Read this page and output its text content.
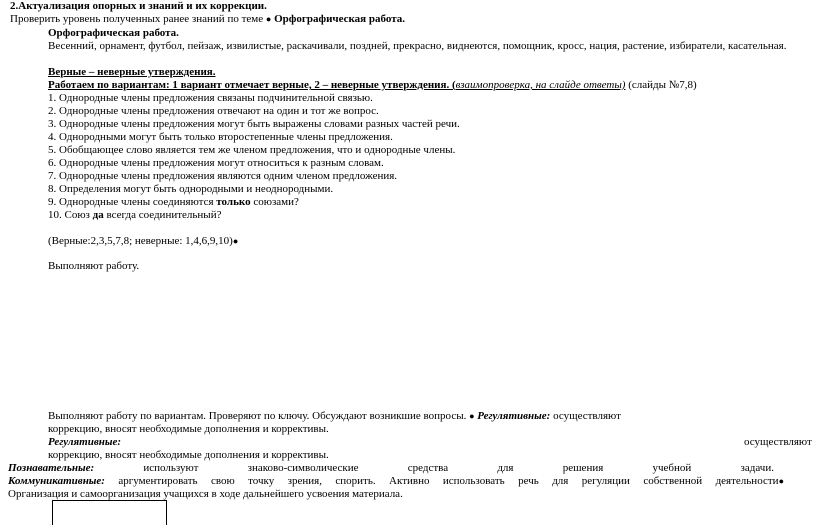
2.Актуализация опорных и знаний и их коррекции.
Проверить уровень полученных ранее знаний по теме ● Орфографическая работа.
Орфографическая работа.
Весенний, орнамент, футбол, пейзаж, извилистые, раскачивали, поздней, прекрасно, виднеются, помощник, кросс, нация, растение, избиратели, касательная.
Верные – неверные утверждения.
Работаем по вариантам: 1 вариант отмечает верные, 2 – неверные утверждения. (взаимопроверка, на слайде ответы) (слайды №7,8)
1. Однородные члены предложения связаны подчинительной связью.
2. Однородные члены предложения отвечают на один и тот же вопрос.
3. Однородные члены предложения могут быть выражены словами разных частей речи.
4. Однородными могут быть только второстепенные члены предложения.
5. Обобщающее слово является тем же членом предложения, что и однородные члены.
6. Однородные члены предложения могут относиться к разным словам.
7. Однородные члены предложения являются одним членом предложения.
8. Определения могут быть однородными и неоднородными.
9. Однородные члены соединяются только союзами?
10. Союз да всегда соединительный?
(Верные:2,3,5,7,8; неверные: 1,4,6,9,10)●
Выполняют работу.
Выполняют работу по вариантам. Проверяют по ключу. Обсуждают возникшие вопросы. ● Регулятивные: осуществляют
коррекцию, вносят необходимые дополнения и коррективы.
Регулятивные:	осуществляют
коррекцию, вносят необходимые дополнения и коррективы.
Познавательные:	используют	знаково-символические	средства	для	решения	учебной	задачи.
Коммуникативные: аргументировать свою точку зрения, спорить. Активно использовать речь для регуляции собственной деятельности●
Организация и самоорганизация учащихся в ходе дальнейшего усвоения материала.
